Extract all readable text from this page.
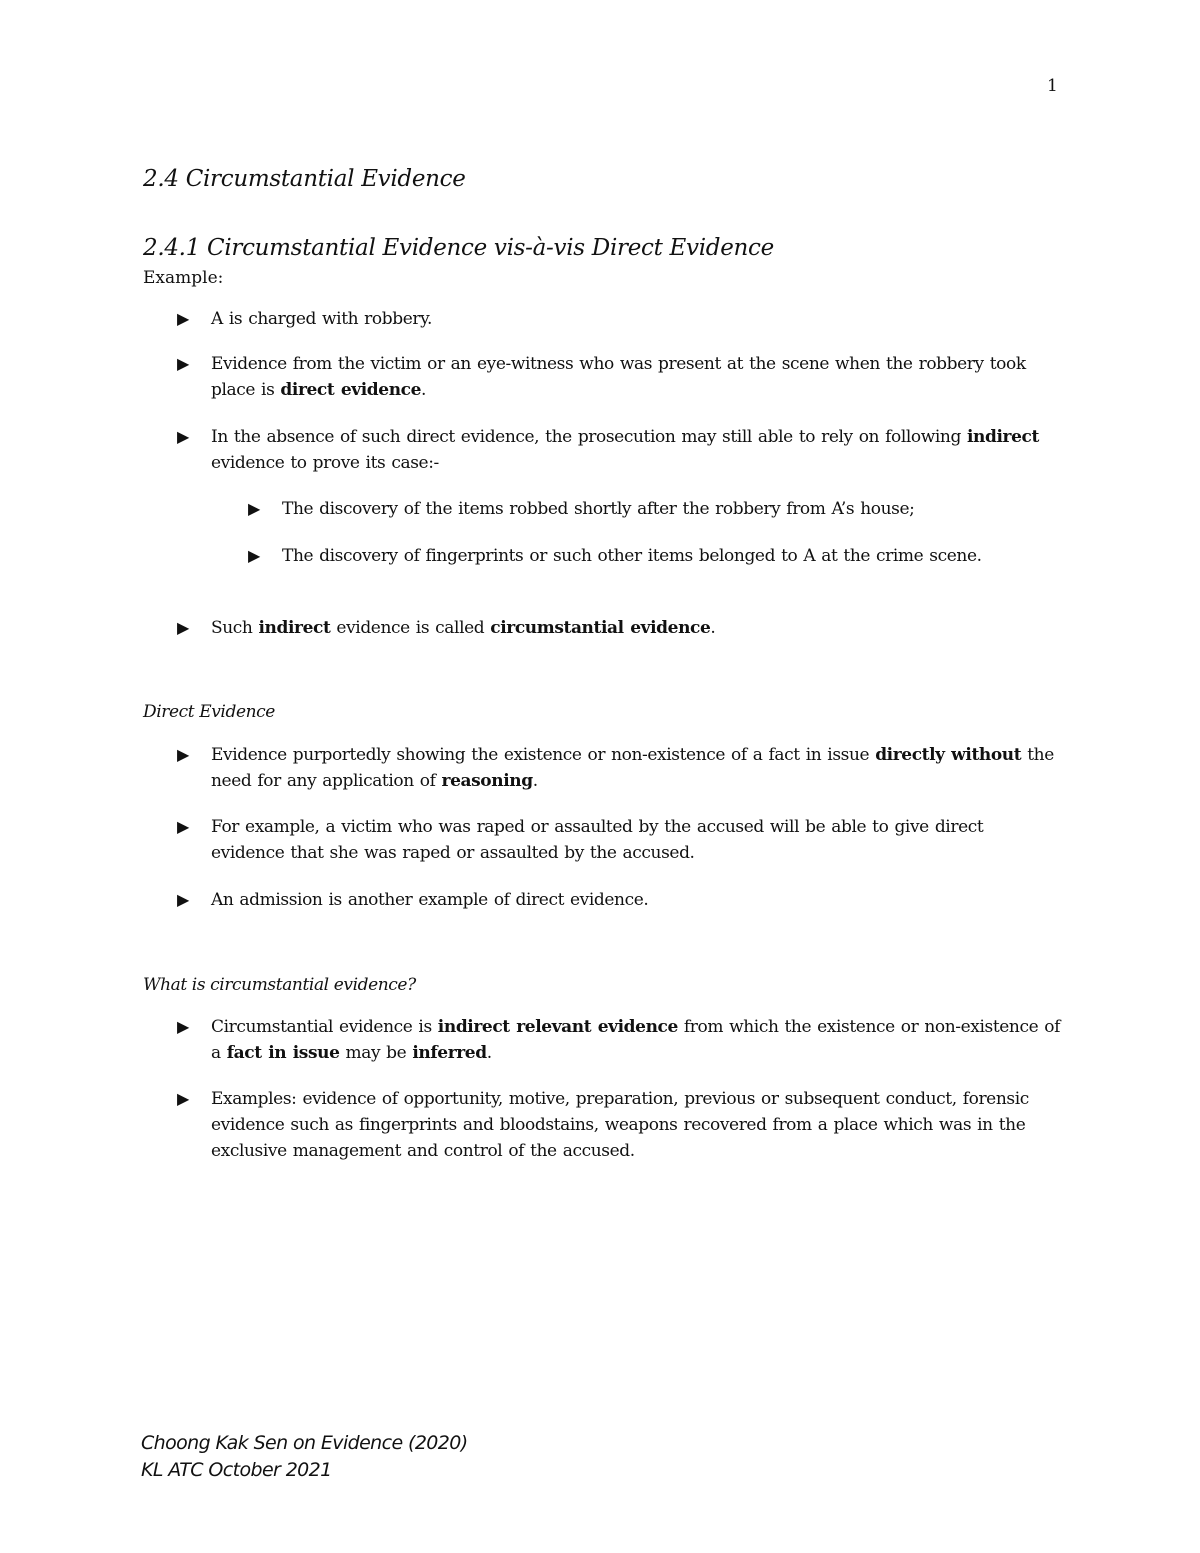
1
2.4 Circumstantial Evidence
2.4.1 Circumstantial Evidence vis-à-vis Direct Evidence
Example:
▶ A is charged with robbery.
▶ Evidence from the victim or an eye-witness who was present at the scene when the robbery took place is direct evidence.
▶ In the absence of such direct evidence, the prosecution may still able to rely on following indirect evidence to prove its case:-
▶ The discovery of the items robbed shortly after the robbery from A’s house;
▶ The discovery of fingerprints or such other items belonged to A at the crime scene.
▶ Such indirect evidence is called circumstantial evidence.
Direct Evidence
▶ Evidence purportedly showing the existence or non-existence of a fact in issue directly without the need for any application of reasoning.
▶ For example, a victim who was raped or assaulted by the accused will be able to give direct evidence that she was raped or assaulted by the accused.
▶ An admission is another example of direct evidence.
What is circumstantial evidence?
▶ Circumstantial evidence is indirect relevant evidence from which the existence or non-existence of a fact in issue may be inferred.
▶ Examples: evidence of opportunity, motive, preparation, previous or subsequent conduct, forensic evidence such as fingerprints and bloodstains, weapons recovered from a place which was in the exclusive management and control of the accused.
Choong Kak Sen on Evidence (2020)
KL ATC October 2021
